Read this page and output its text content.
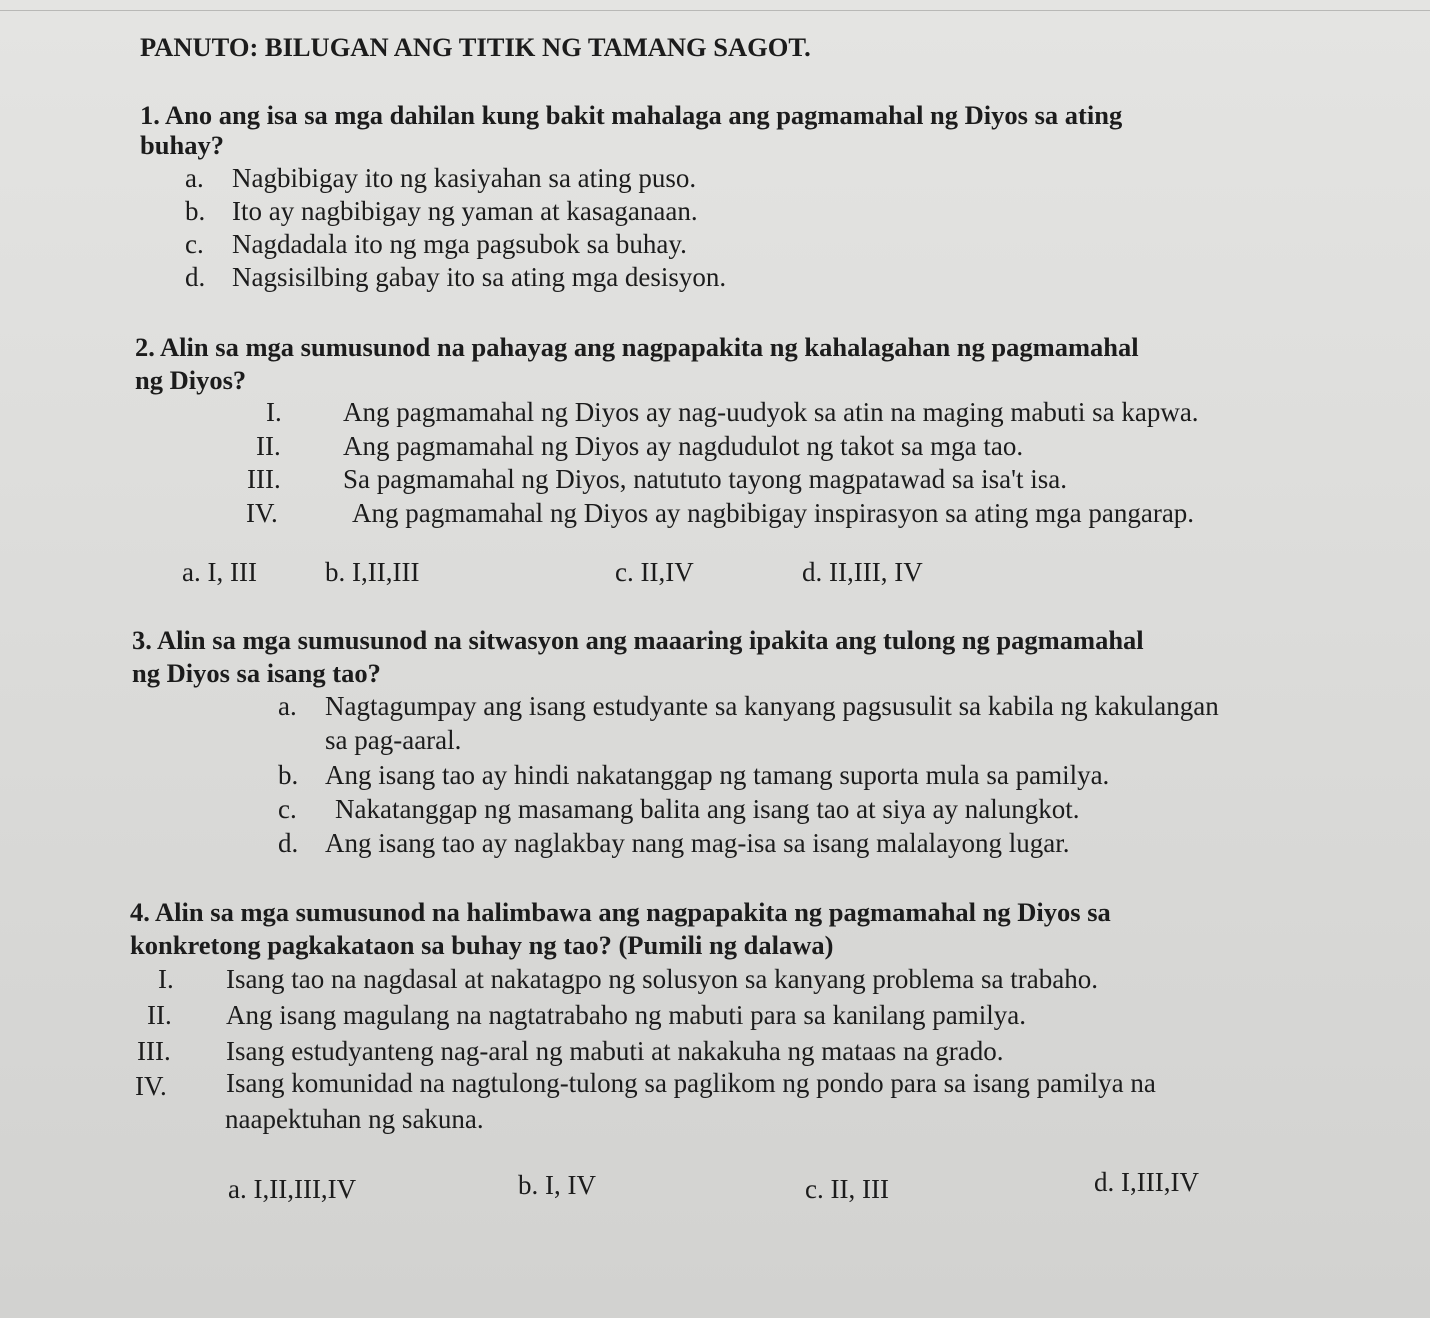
PANUTO: BILUGAN ANG TITIK NG TAMANG SAGOT.
1. Ano ang isa sa mga dahilan kung bakit mahalaga ang pagmamahal ng Diyos sa ating
buhay?
a. Nagbibigay ito ng kasiyahan sa ating puso.
b. Ito ay nagbibigay ng yaman at kasaganaan.
c. Nagdadala ito ng mga pagsubok sa buhay.
d. Nagsisilbing gabay ito sa ating mga desisyon.
2. Alin sa mga sumusunod na pahayag ang nagpapakita ng kahalagahan ng pagmamahal
ng Diyos?
I. Ang pagmamahal ng Diyos ay nag-uudyok sa atin na maging mabuti sa kapwa.
II. Ang pagmamahal ng Diyos ay nagdudulot ng takot sa mga tao.
III. Sa pagmamahal ng Diyos, natututo tayong magpatawad sa isa't isa.
IV.	Ang pagmamahal ng Diyos ay nagbibigay inspirasyon sa ating mga pangarap.
a. I, III	b. I,II,III	c. II,IV	d. II,III, IV
3. Alin sa mga sumusunod na sitwasyon ang maaaring ipakita ang tulong ng pagmamahal
ng Diyos sa isang tao?
a. Nagtagumpay ang isang estudyante sa kanyang pagsusulit sa kabila ng kakulangan
sa pag-aaral.
b. Ang isang tao ay hindi nakatanggap ng tamang suporta mula sa pamilya.
c. Nakatanggap ng masamang balita ang isang tao at siya ay nalungkot.
d. Ang isang tao ay naglakbay nang mag-isa sa isang malalayong lugar.
4. Alin sa mga sumusunod na halimbawa ang nagpapakita ng pagmamahal ng Diyos sa
konkretong pagkakataon sa buhay ng tao? (Pumili ng dalawa)
I. Isang tao na nagdasal at nakatagpo ng solusyon sa kanyang problema sa trabaho.
II. Ang isang magulang na nagtatrabaho ng mabuti para sa kanilang pamilya.
III. Isang estudyanteng nag-aral ng mabuti at nakakuha ng mataas na grado.
IV. Isang komunidad na nagtulong-tulong sa paglikom ng pondo para sa isang pamilya na
naapektuhan ng sakuna.
a. I,II,III,IV	b. I, IV	c. II, III	d. I,III,IV
